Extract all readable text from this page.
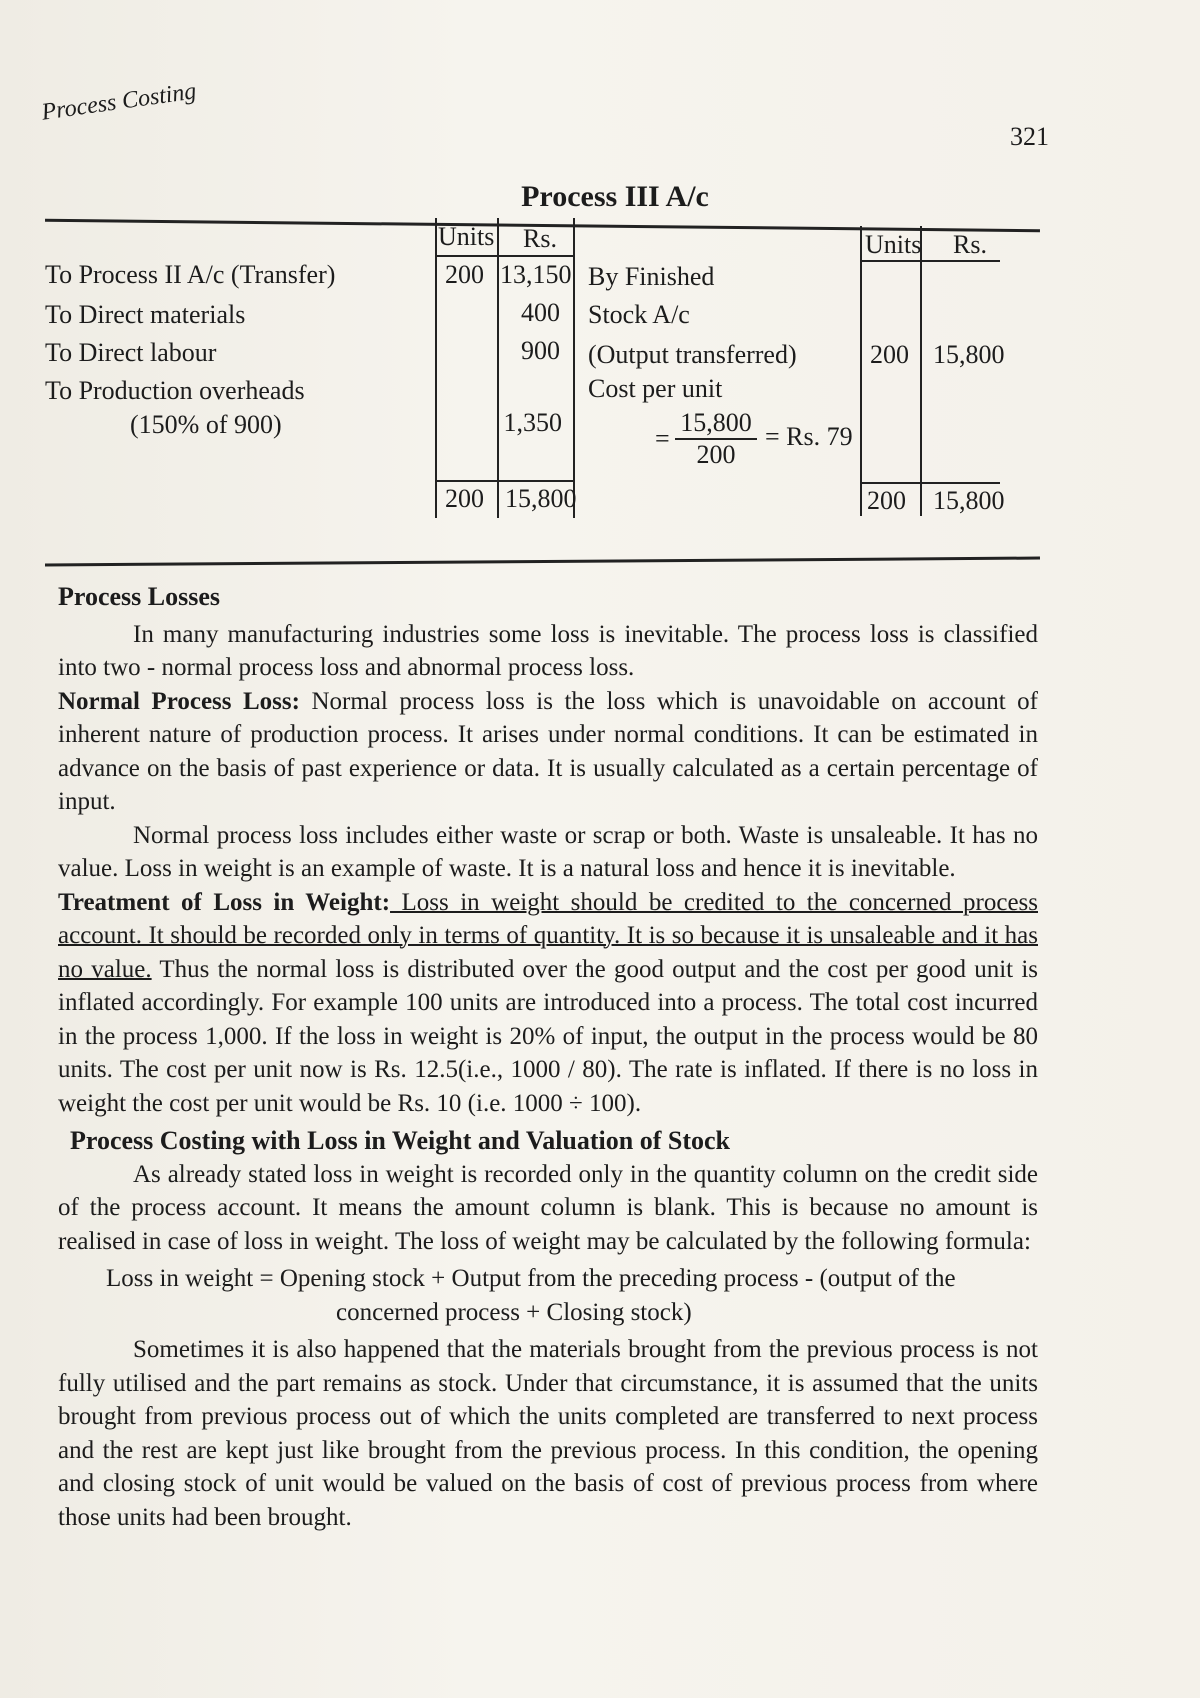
Process Costing
321
Process III A/c
Units Rs.	Units Rs.
To Process II A/c (Transfer)
To Direct materials
To Direct labour
To Production overheads
(150% of 900)
200 13,150
400
900
1,350
By Finished
Stock A/c
(Output transferred)
Cost per unit
= $\frac{15,800}{200} = Rs$. 79
200 15,800
200 15,800	200 15,800
Process Losses

In many manufacturing industries some loss is inevitable. The process loss is classified into two - normal process loss and abnormal process loss.

Normal Process Loss: Normal process loss is the loss which is unavoidable on account of inherent nature of production process. It arises under normal conditions. It can be estimated in advance on the basis of past experience or data. It is usually calculated as a certain percentage of input.

Normal process loss includes either waste or scrap or both. Waste is unsaleable. It has no value. Loss in weight is an example of waste. It is a natural loss and hence it is inevitable.

Treatment of Loss in Weight: Loss in weight should be credited to the concerned process account. It should be recorded only in terms of quantity. It is so because it is unsaleable and it has no value. Thus the normal loss is distributed over the good output and the cost per good unit is inflated accordingly. For example 100 units are introduced into a process. The total cost incurred in the process 1,000. If the loss in weight is 20% of input, the output in the process would be 80 units. The cost per unit now is Rs. 12.5(i.e., 1000 / 80). The rate is inflated. If there is no loss in weight the cost per unit would be Rs. 10 (i.e. 1000 ÷ 100).

Process Costing with Loss in Weight and Valuation of Stock

As already stated loss in weight is recorded only in the quantity column on the credit side of the process account. It means the amount column is blank. This is because no amount is realised in case of loss in weight. The loss of weight may be calculated by the following formula:

Loss in weight = Opening stock + Output from the preceding process - (output of the
concerned process + Closing stock)

Sometimes it is also happened that the materials brought from the previous process is not fully utilised and the part remains as stock. Under that circumstance, it is assumed that the units brought from previous process out of which the units completed are transferred to next process and the rest are kept just like brought from the previous process. In this condition, the opening and closing stock of unit would be valued on the basis of cost of previous process from where those units had been brought.
